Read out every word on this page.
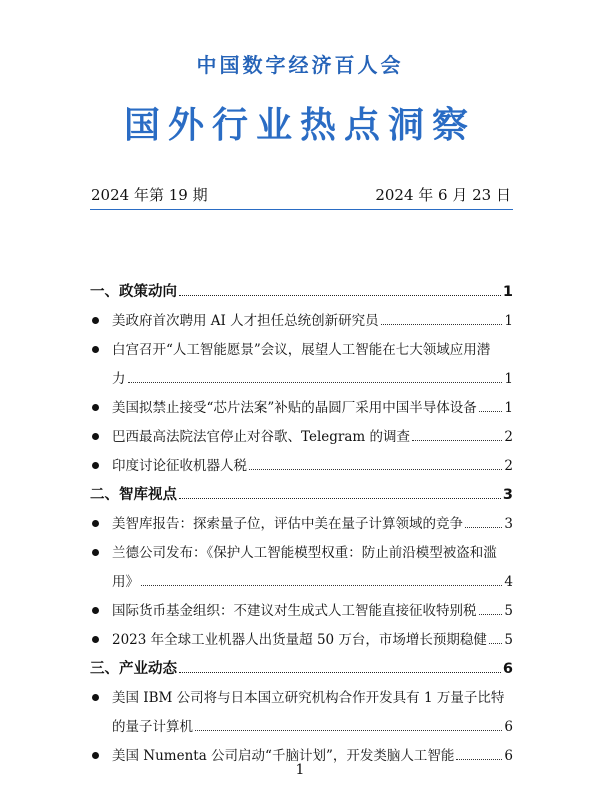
中国数字经济百人会
国外行业热点洞察
2024 年第 19 期	2024 年 6 月 23 日
一、政策动向	1
美政府首次聘用 AI 人才担任总统创新研究员	1
白宫召开“人工智能愿景”会议，展望人工智能在七大领域应用潜
力	1
美国拟禁止接受“芯片法案”补贴的晶圆厂采用中国半导体设备 1
巴西最高法院法官停止对谷歌、Telegram 的调查	2
印度讨论征收机器人税	2
二、智库视点	3
美智库报告：探索量子位，评估中美在量子计算领域的竞争	3
兰德公司发布：《保护人工智能模型权重：防止前沿模型被盗和滥
用》	4
国际货币基金组织：不建议对生成式人工智能直接征收特别税 5
2023 年全球工业机器人出货量超 50 万台，市场增长预期稳健 5
三、产业动态	6
美国 IBM 公司将与日本国立研究机构合作开发具有 1 万量子比特
的量子计算机	6
美国 Numenta 公司启动“千脑计划”，开发类脑人工智能	6
1
